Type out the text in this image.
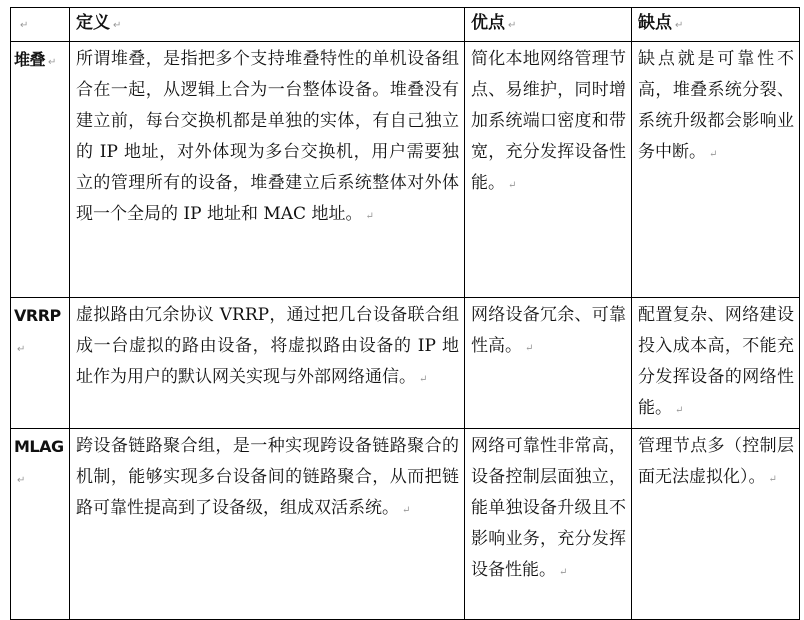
↵	定义 ↵	优点 ↵	缺点 ↵
堆叠 ↵	所谓堆叠，是指把多个支持堆叠特性的单机设备组合在一起，从逻辑上合为一台整体设备。堆叠没有建立前，每台交换机都是单独的实体，有自己独立的 IP 地址，对外体现为多台交换机，用户需要独立的管理所有的设备，堆叠建立后系统整体对外体现一个全局的 IP 地址和 MAC 地址。 ↵	简化本地网络管理节点、易维护，同时增加系统端口密度和带宽，充分发挥设备性能。 ↵	缺点就是可靠性不高，堆叠系统分裂、系统升级都会影响业务中断。 ↵
VRRP↵	虚拟路由冗余协议 VRRP，通过把几台设备联合组成一台虚拟的路由设备，将虚拟路由设备的 IP 地址作为用户的默认网关实现与外部网络通信。 ↵	网络设备冗余、可靠性高。 ↵	配置复杂、网络建设投入成本高，不能充分发挥设备的网络性能。 ↵
MLAG↵	跨设备链路聚合组，是一种实现跨设备链路聚合的机制，能够实现多台设备间的链路聚合，从而把链路可靠性提高到了设备级，组成双活系统。 ↵	网络可靠性非常高，设备控制层面独立，能单独设备升级且不影响业务，充分发挥设备性能。 ↵	管理节点多（控制层面无法虚拟化）。 ↵
